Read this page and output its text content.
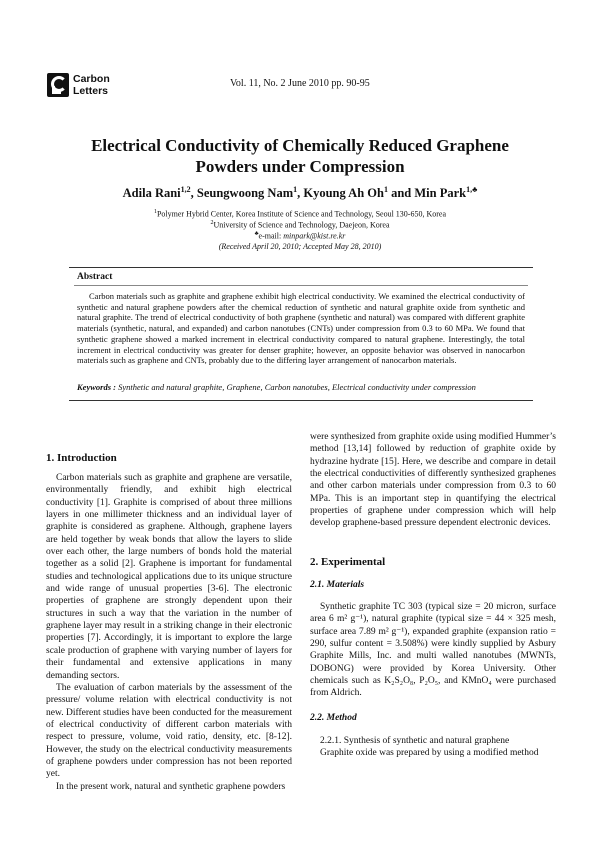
Carbon
Letters
Vol. 11, No. 2 June 2010 pp. 90-95
Electrical Conductivity of Chemically Reduced Graphene
Powders under Compression
Adila Rani$^{1,2}$, Seungwoong Nam$^1$, Kyoung Ah Oh$^1$ and Min Park$^{1,♣}$
$^1$Polymer Hybrid Center, Korea Institute of Science and Technology, Seoul 130-650, Korea
$^2$University of Science and Technology, Daejeon, Korea
♣e-mail: minpark@kist.re.kr
(Received April 20, 2010; Accepted May 28, 2010)
Abstract

Carbon materials such as graphite and graphene exhibit high electrical conductivity. We examined the electrical conductivity of synthetic and natural graphene powders after the chemical reduction of synthetic and natural graphite oxide from synthetic and natural graphite. The trend of electrical conductivity of both graphene (synthetic and natural) was compared with different graphite materials (synthetic, natural, and expanded) and carbon nanotubes (CNTs) under compression from 0.3 to 60 MPa. We found that synthetic graphene showed a marked increment in electrical conductivity compared to natural graphene. Interestingly, the total increment in electrical conductivity was greater for denser graphite; however, an opposite behavior was observed in nanocarbon materials such as graphene and CNTs, probably due to the differing layer arrangement of nanocarbon materials.

Keywords : Synthetic and natural graphite, Graphene, Carbon nanotubes, Electrical conductivity under compression
1. Introduction

Carbon materials such as graphite and graphene are versatile, environmentally friendly, and exhibit high electrical conductivity [1]. Graphite is comprised of about three millions layers in one millimeter thickness and an individual layer of graphite is considered as graphene. Although, graphene layers are held together by weak bonds that allow the layers to slide over each other, the large numbers of bonds hold the material together as a solid [2]. Graphene is important for fundamental studies and technological applications due to its unique structure and wide range of unusual properties [3-6]. The electronic properties of graphene are strongly dependent upon their structures in such a way that the variation in the number of graphene layer may result in a striking change in their electronic properties [7]. Accordingly, it is important to explore the large scale production of graphene with varying number of layers for their fundamental and extensive applications in many demanding sectors.

The evaluation of carbon materials by the assessment of the pressure/ volume relation with electrical conductivity is not new. Different studies have been conducted for the measurement of electrical conductivity of different carbon materials with respect to pressure, volume, void ratio, density, etc. [8-12]. However, the study on the electrical conductivity measurements of graphene powders under compression has not been reported yet.

In the present work, natural and synthetic graphene powders

were synthesized from graphite oxide using modified Hummer’s method [13,14] followed by reduction of graphite oxide by hydrazine hydrate [15]. Here, we describe and compare in detail the electrical conductivities of differently synthesized graphenes and other carbon materials under compression from 0.3 to 60 MPa. This is an important step in quantifying the electrical properties of graphene under compression which will help develop graphene-based pressure dependent electronic devices.

2. Experimental
2.1. Materials

Synthetic graphite TC 303 (typical size = 20 micron, surface area 6 m² g⁻¹), natural graphite (typical size = 44 × 325 mesh, surface area 7.89 m² g⁻¹), expanded graphite (expansion ratio = 290, sulfur content = 3.508%) were kindly supplied by Asbury Graphite Mills, Inc. and multi walled nanotubes (MWNTs, DOBONG) were provided by Korea University. Other chemicals such as K₂S₂O₈, P₂O₅, and KMnO₄ were purchased from Aldrich.

2.2. Method

2.2.1. Synthesis of synthetic and natural graphene

Graphite oxide was prepared by using a modified method
